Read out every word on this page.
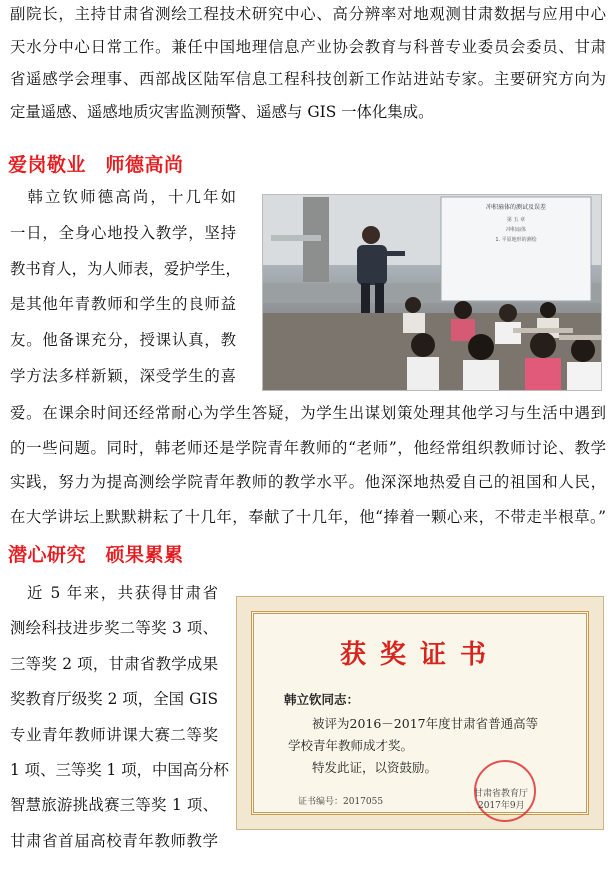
副院长，主持甘肃省测绘工程技术研究中心、高分辨率对地观测甘肃数据与应用中心
天水分中心日常工作。兼任中国地理信息产业协会教育与科普专业委员会委员、甘肃
省遥感学会理事、西部战区陆军信息工程科技创新工作站进站专家。主要研究方向为
定量遥感、遥感地质灾害监测预警、遥感与 GIS 一体化集成。
爱岗敬业　师德高尚
　韩立钦师德高尚，十几年如
一日，全身心地投入教学，坚持
教书育人，为人师表，爱护学生，
是其他年青教师和学生的良师益
友。他备课充分，授课认真，教
学方法多样新颖，深受学生的喜
冲积扇体的测试及误差
第 五 章
冲积扇体
1. 平原地形的测绘
爱。在课余时间还经常耐心为学生答疑，为学生出谋划策处理其他学习与生活中遇到
的一些问题。同时，韩老师还是学院青年教师的“老师”，他经常组织教师讨论、教学
实践，努力为提高测绘学院青年教师的教学水平。他深深地热爱自己的祖国和人民，
在大学讲坛上默默耕耘了十几年，奉献了十几年，他“捧着一颗心来，不带走半根草。”
潜心研究　硕果累累
　近 5 年来，共获得甘肃省
测绘科技进步奖二等奖 3 项、
三等奖 2 项，甘肃省教学成果
奖教育厅级奖 2 项，全国 GIS
专业青年教师讲课大赛二等奖
1 项、三等奖 1 项，中国高分杯
智慧旅游挑战赛三等奖 1 项、
甘肃省首届高校青年教师教学
获奖证书
韩立钦同志：
被评为2016－2017年度甘肃省普通高等
学校青年教师成才奖。
特发此证，以资鼓励。
证书编号：2017055
甘肃省教育厅
2017年9月
